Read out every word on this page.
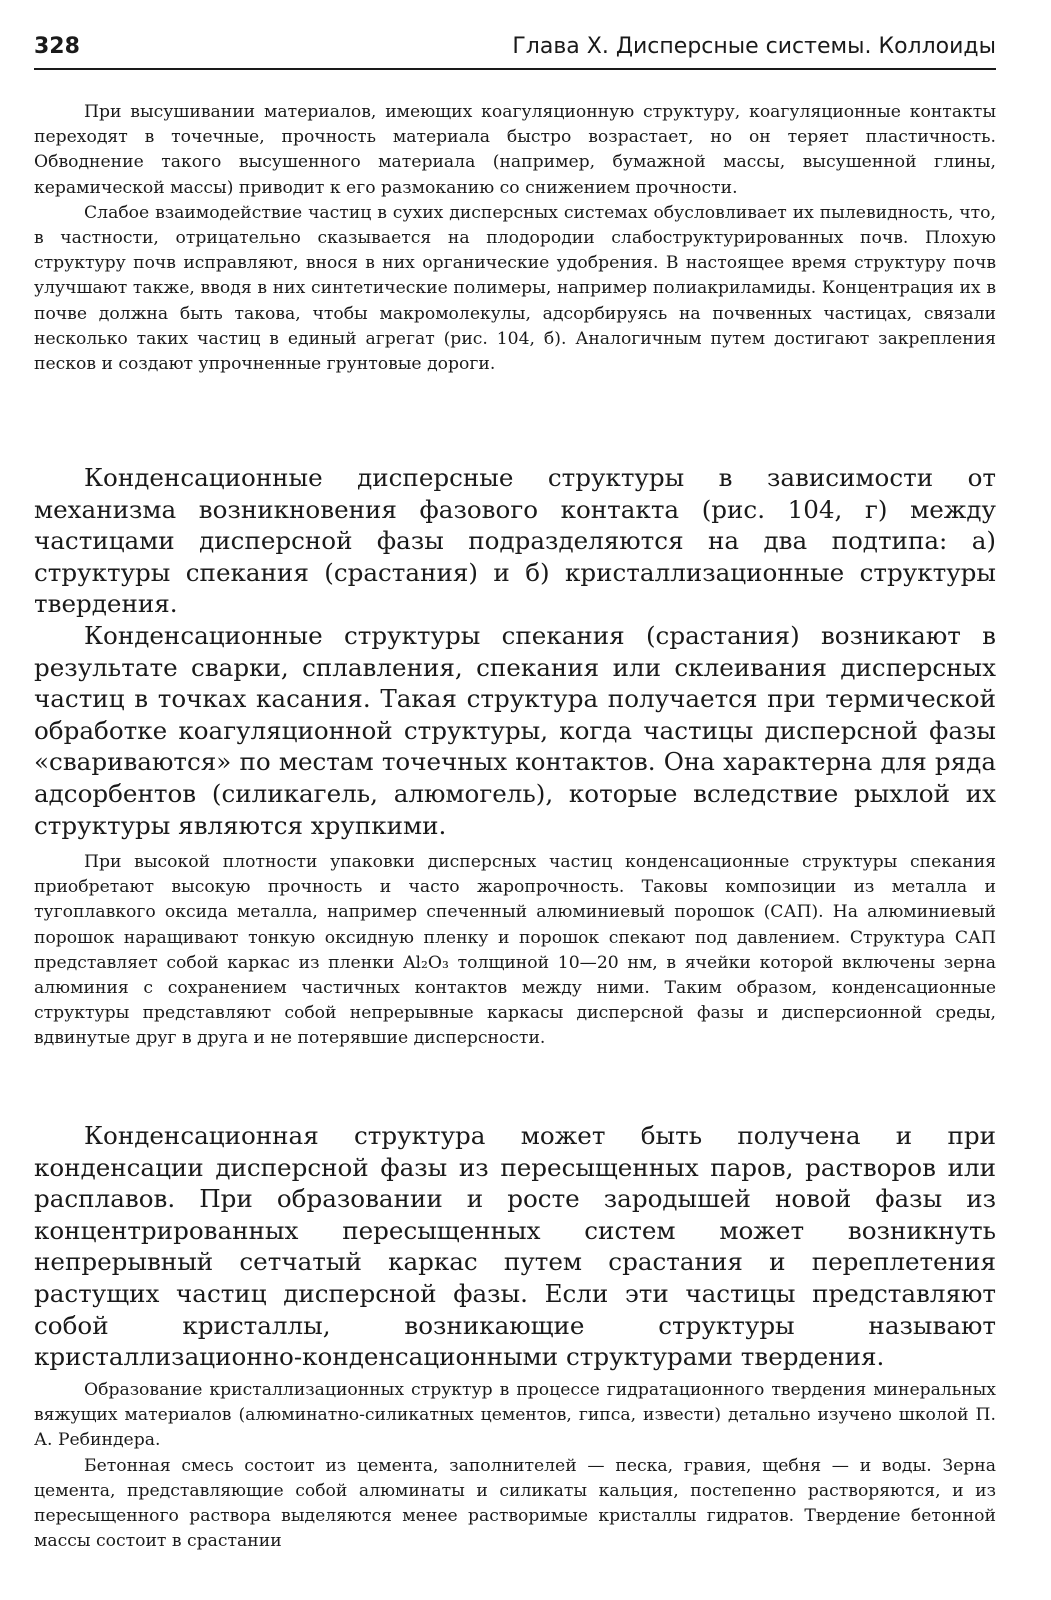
328	Глава X. Дисперсные системы. Коллоиды

При высушивании материалов, имеющих коагуляционную структуру, коагуляционные контакты переходят в точечные, прочность материала быстро возрастает, но он теряет пластичность. Обводнение такого высушенного материала (например, бумажной массы, высушенной глины, керамической массы) приводит к его размоканию со снижением прочности.

Слабое взаимодействие частиц в сухих дисперсных системах обусловливает их пылевидность, что, в частности, отрицательно сказывается на плодородии слабоструктурированных почв. Плохую структуру почв исправляют, внося в них органические удобрения. В настоящее время структуру почв улучшают также, вводя в них синтетические полимеры, например полиакриламиды. Концентрация их в почве должна быть такова, чтобы макромолекулы, адсорбируясь на почвенных частицах, связали несколько таких частиц в единый агрегат (рис. 104, б). Аналогичным путем достигают закрепления песков и создают упрочненные грунтовые дороги.

Конденсационные дисперсные структуры в зависимости от механизма возникновения фазового контакта (рис. 104, г) между частицами дисперсной фазы подразделяются на два подтипа: а) структуры спекания (срастания) и б) кристаллизационные структуры твердения.

Конденсационные структуры спекания (срастания) возникают в результате сварки, сплавления, спекания или склеивания дисперсных частиц в точках касания. Такая структура получается при термической обработке коагуляционной структуры, когда частицы дисперсной фазы «свариваются» по местам точечных контактов. Она характерна для ряда адсорбентов (силикагель, алюмогель), которые вследствие рыхлой их структуры являются хрупкими.

При высокой плотности упаковки дисперсных частиц конденсационные структуры спекания приобретают высокую прочность и часто жаропрочность. Таковы композиции из металла и тугоплавкого оксида металла, например спеченный алюминиевый порошок (САП). На алюминиевый порошок наращивают тонкую оксидную пленку и порошок спекают под давлением. Структура САП представляет собой каркас из пленки Al₂O₃ толщиной 10—20 нм, в ячейки которой включены зерна алюминия с сохранением частичных контактов между ними. Таким образом, конденсационные структуры представляют собой непрерывные каркасы дисперсной фазы и дисперсионной среды, вдвинутые друг в друга и не потерявшие дисперсности.

Конденсационная структура может быть получена и при конденсации дисперсной фазы из пересыщенных паров, растворов или расплавов. При образовании и росте зародышей новой фазы из концентрированных пересыщенных систем может возникнуть непрерывный сетчатый каркас путем срастания и переплетения растущих частиц дисперсной фазы. Если эти частицы представляют собой кристаллы, возникающие структуры называют кристаллизационно-конденсационными структурами твердения.

Образование кристаллизационных структур в процессе гидратационного твердения минеральных вяжущих материалов (алюминатно-силикатных цементов, гипса, извести) детально изучено школой П. А. Ребиндера.

Бетонная смесь состоит из цемента, заполнителей — песка, гравия, щебня — и воды. Зерна цемента, представляющие собой алюминаты и силикаты кальция, постепенно растворяются, и из пересыщенного раствора выделяются менее растворимые кристаллы гидратов. Твердение бетонной массы состоит в срастании
